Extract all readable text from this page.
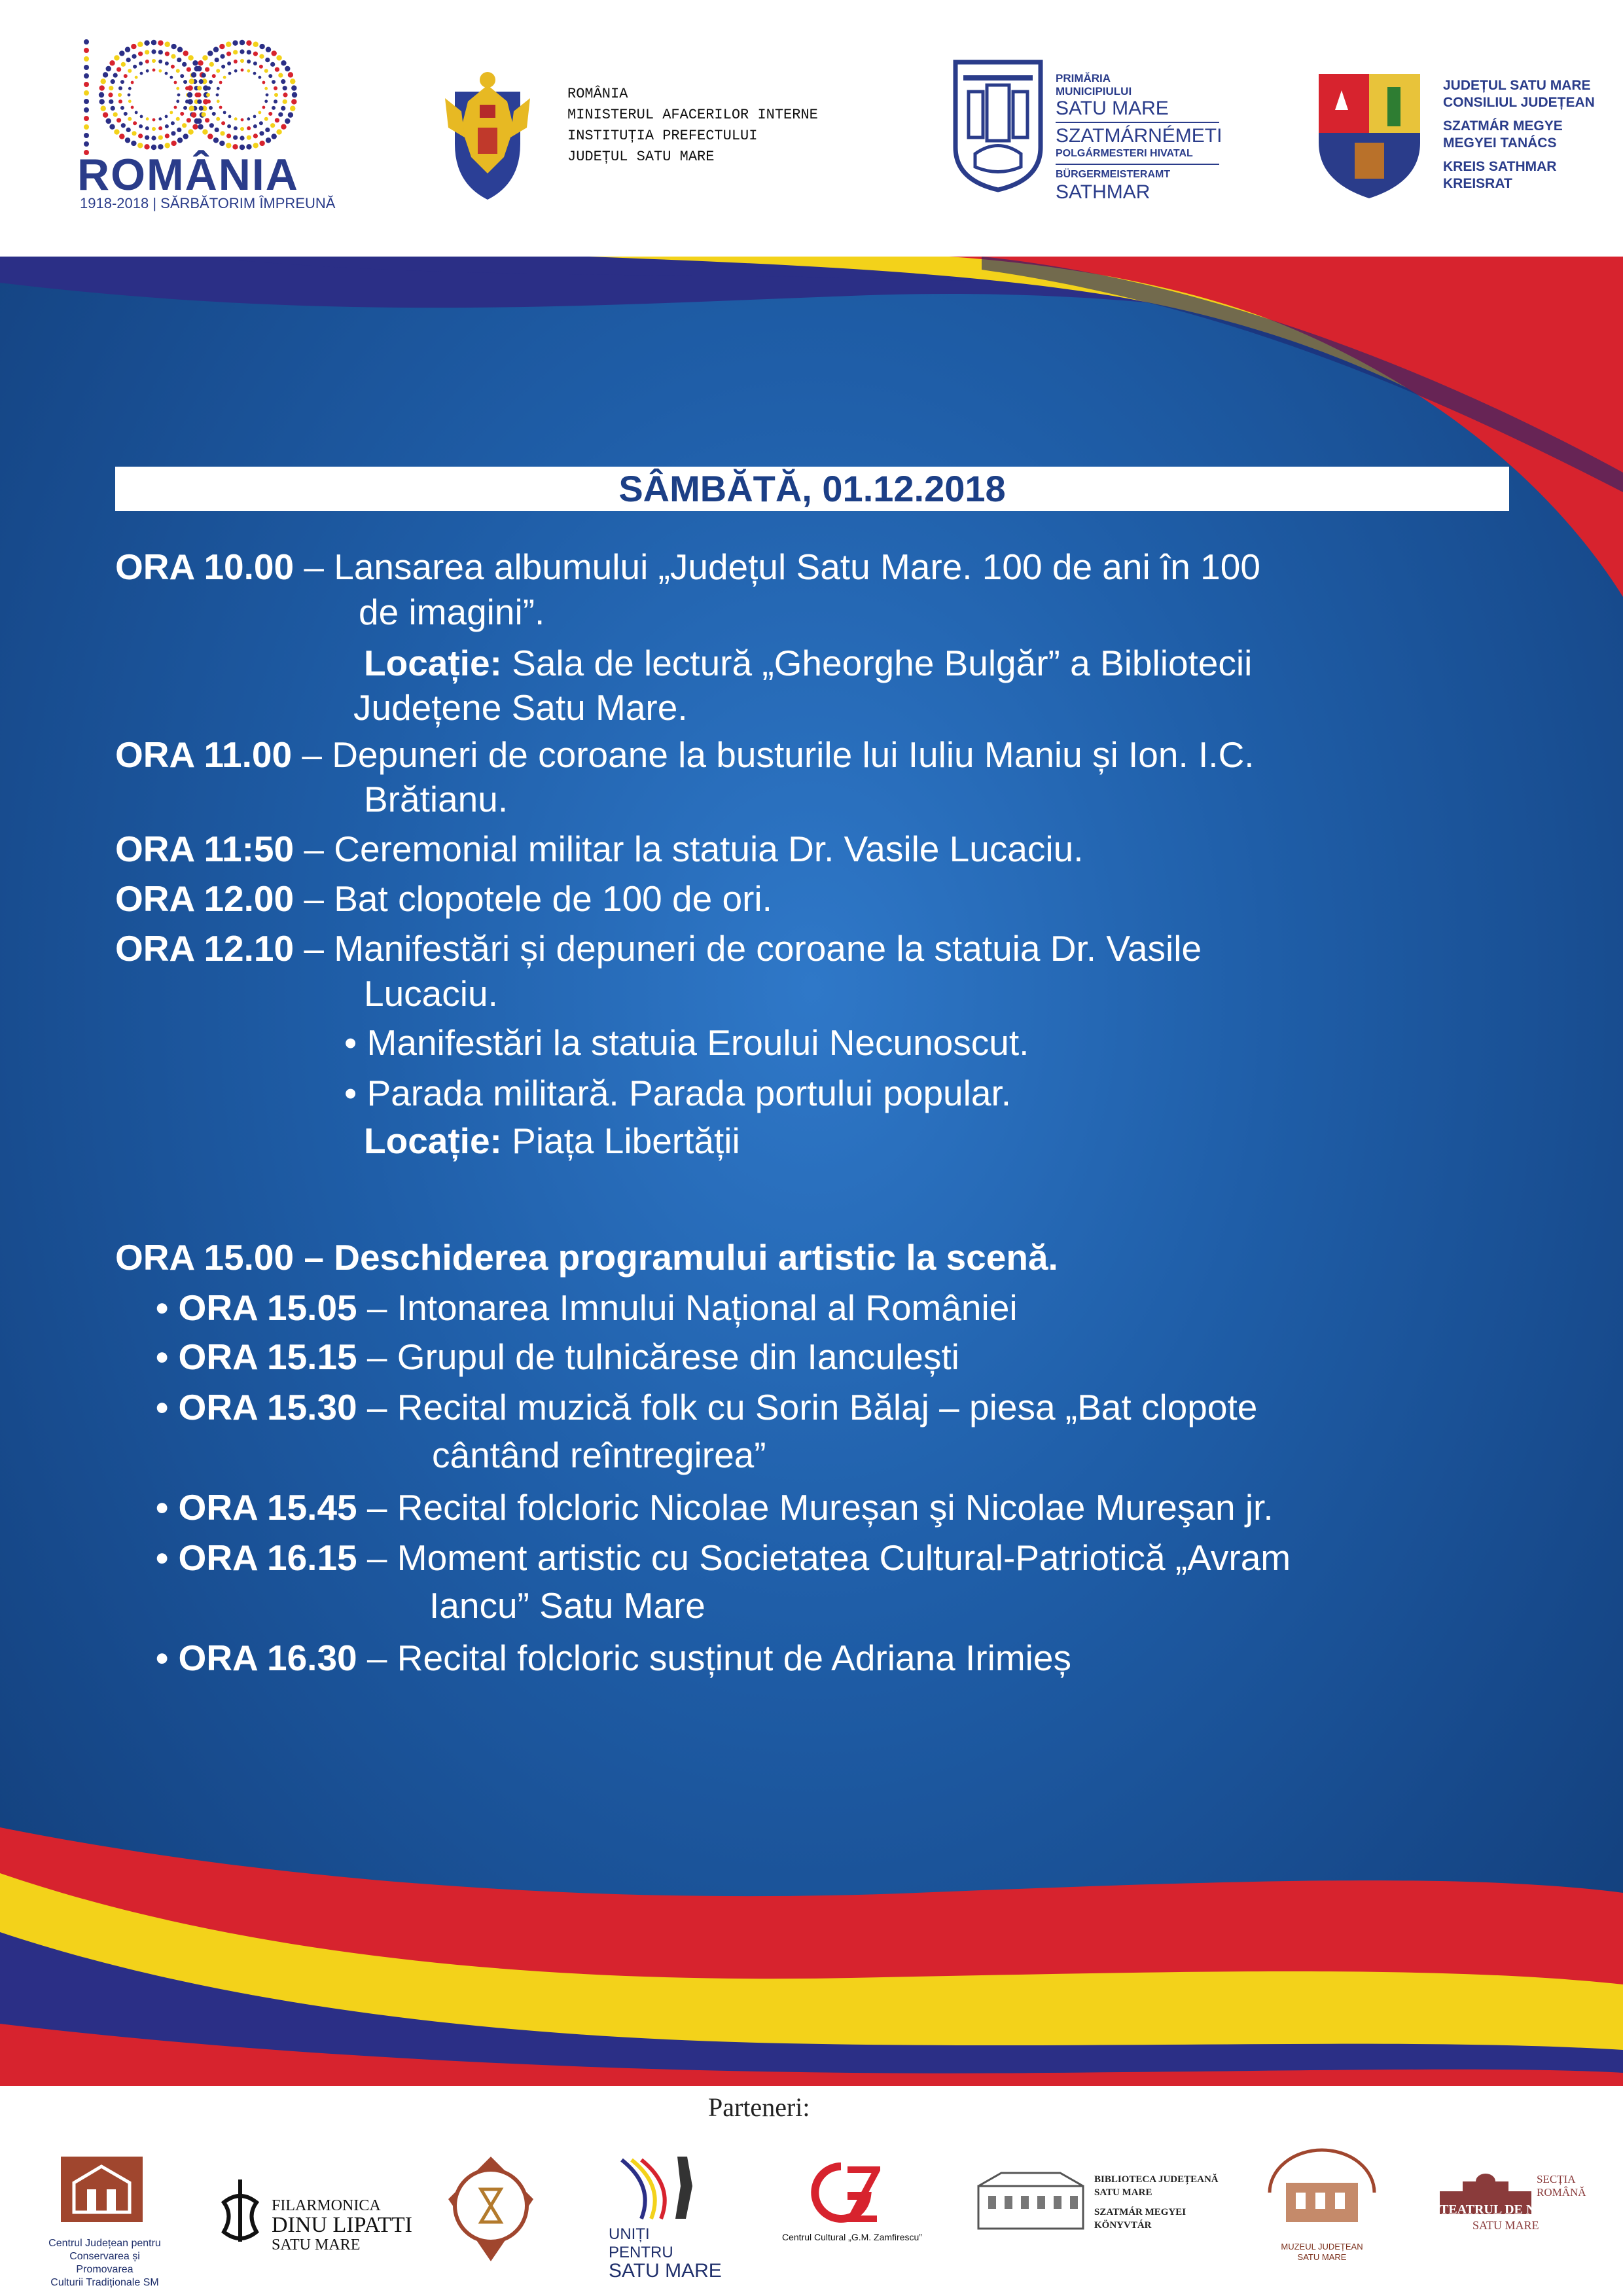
ROMÂNIA
1918-2018 | SĂRBĂTORIM ÎMPREUNĂ
ROMÂNIA
MINISTERUL AFACERILOR INTERNE
INSTITUȚIA PREFECTULUI
JUDEȚUL SATU MARE
PRIMĂRIA
MUNICIPIULUI
SATU MARE
SZATMÁRNÉMETI
POLGÁRMESTERI HIVATAL
BÜRGERMEISTERAMT
SATHMAR
JUDEȚUL SATU MARE
CONSILIUL JUDEȚEAN
SZATMÁR MEGYE
MEGYEI TANÁCS
KREIS SATHMAR
KREISRAT
SÂMBĂTĂ, 01.12.2018
ORA 10.00 – Lansarea albumului „Județul Satu Mare. 100 de ani în 100
de imagini”.
Locație: Sala de lectură „Gheorghe Bulgăr” a Bibliotecii
Județene Satu Mare.
ORA 11.00 – Depuneri de coroane la busturile lui Iuliu Maniu și Ion. I.C.
Brătianu.
ORA 11:50 – Ceremonial militar la statuia Dr. Vasile Lucaciu.
ORA 12.00 – Bat clopotele de 100 de ori.
ORA 12.10 – Manifestări și depuneri de coroane la statuia Dr. Vasile
Lucaciu.
• Manifestări la statuia Eroului Necunoscut.
• Parada militară. Parada portului popular.
Locație: Piața Libertății
ORA 15.00 – Deschiderea programului artistic la scenă.
• ORA 15.05 – Intonarea Imnului Național al României
• ORA 15.15 – Grupul de tulnicărese din Ianculești
• ORA 15.30 – Recital muzică folk cu Sorin Bălaj – piesa „Bat clopote
cântând reîntregirea”
• ORA 15.45 – Recital folcloric Nicolae Mureșan şi Nicolae Mureşan jr.
• ORA 16.15 – Moment artistic cu Societatea Cultural-Patriotică „Avram
Iancu” Satu Mare
• ORA 16.30 – Recital folcloric susținut de Adriana Irimieș
Parteneri:
Centrul Județean pentru
Conservarea și Promovarea
Culturii Tradiționale SM
FILARMONICA
DINU LIPATTI
SATU MARE
UNIȚI
PENTRU
SATU MARE
Centrul Cultural „G.M. Zamfirescu”
BIBLIOTECA JUDEȚEANĂ
SATU MARE
SZATMÁR MEGYEI
KÖNYVTÁR
MUZEUL JUDEȚEAN
SATU MARE
TEATRUL DE NORD
SATU MARE
SECȚIA
ROMÂNĂ
